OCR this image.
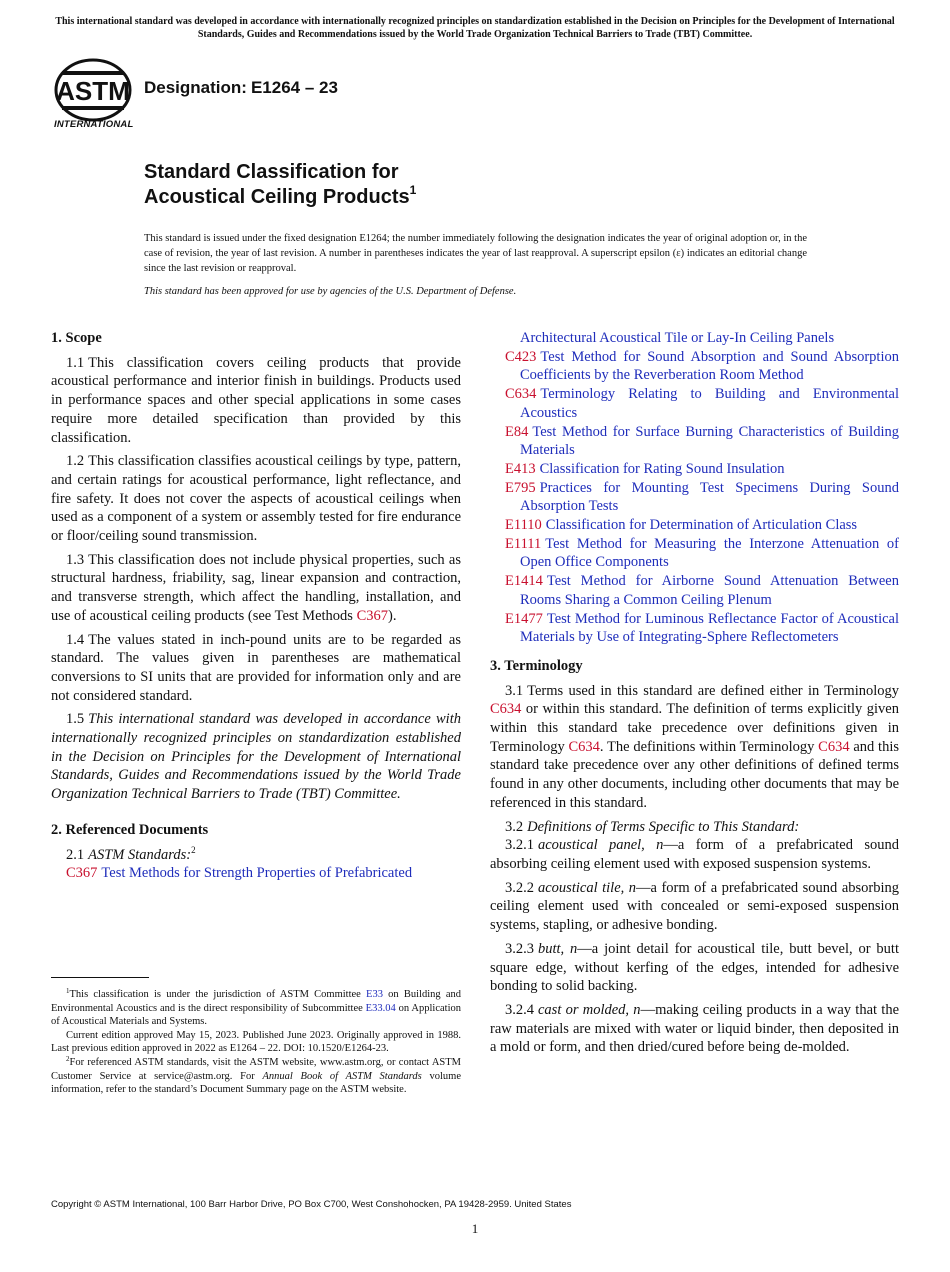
This international standard was developed in accordance with internationally recognized principles on standardization established in the Decision on Principles for the Development of International Standards, Guides and Recommendations issued by the World Trade Organization Technical Barriers to Trade (TBT) Committee.
ASTM
INTERNATIONAL
Designation: E1264 – 23
Standard Classification for
Acoustical Ceiling Products$^1$
This standard is issued under the fixed designation E1264; the number immediately following the designation indicates the year of original adoption or, in the case of revision, the year of last revision. A number in parentheses indicates the year of last reapproval. A superscript epsilon (ε) indicates an editorial change since the last revision or reapproval.
This standard has been approved for use by agencies of the U.S. Department of Defense.
1. Scope

1.1 This classification covers ceiling products that provide acoustical performance and interior finish in buildings. Products used in performance spaces and other special applications in some cases require more detailed specification than provided by this classification.

1.2 This classification classifies acoustical ceilings by type, pattern, and certain ratings for acoustical performance, light reflectance, and fire safety. It does not cover the aspects of acoustical ceilings when used as a component of a system or assembly tested for fire endurance or floor/ceiling sound transmission.

1.3 This classification does not include physical properties, such as structural hardness, friability, sag, linear expansion and contraction, and transverse strength, which affect the handling, installation, and use of acoustical ceiling products (see Test Methods C367).

1.4 The values stated in inch-pound units are to be regarded as standard. The values given in parentheses are mathematical conversions to SI units that are provided for information only and are not considered standard.

1.5 This international standard was developed in accordance with internationally recognized principles on standardization established in the Decision on Principles for the Development of International Standards, Guides and Recommendations issued by the World Trade Organization Technical Barriers to Trade (TBT) Committee.

2. Referenced Documents

2.1 ASTM Standards:$^2$

C367 Test Methods for Strength Properties of Prefabricated

$^1$This classification is under the jurisdiction of ASTM Committee E33 on Building and Environmental Acoustics and is the direct responsibility of Subcommittee E33.04 on Application of Acoustical Materials and Systems.

Current edition approved May 15, 2023. Published June 2023. Originally approved in 1988. Last previous edition approved in 2022 as E1264 – 22. DOI: 10.1520/E1264-23.

$^2$For referenced ASTM standards, visit the ASTM website, www.astm.org, or contact ASTM Customer Service at service@astm.org. For Annual Book of ASTM Standards volume information, refer to the standard’s Document Summary page on the ASTM website.

Architectural Acoustical Tile or Lay-In Ceiling Panels
C423 Test Method for Sound Absorption and Sound Absorption Coefficients by the Reverberation Room Method
C634 Terminology Relating to Building and Environmental Acoustics
E84 Test Method for Surface Burning Characteristics of Building Materials
E413 Classification for Rating Sound Insulation
E795 Practices for Mounting Test Specimens During Sound Absorption Tests
E1110 Classification for Determination of Articulation Class
E1111 Test Method for Measuring the Interzone Attenuation of Open Office Components
E1414 Test Method for Airborne Sound Attenuation Between Rooms Sharing a Common Ceiling Plenum
E1477 Test Method for Luminous Reflectance Factor of Acoustical Materials by Use of Integrating-Sphere Reflectometers
3. Terminology

3.1 Terms used in this standard are defined either in Terminology C634 or within this standard. The definition of terms explicitly given within this standard take precedence over definitions given in Terminology C634. The definitions within Terminology C634 and this standard take precedence over any other definitions of defined terms found in any other documents, including other documents that may be referenced in this standard.

3.2 Definitions of Terms Specific to This Standard:

3.2.1 acoustical panel, n—a form of a prefabricated sound absorbing ceiling element used with exposed suspension systems.

3.2.2 acoustical tile, n—a form of a prefabricated sound absorbing ceiling element used with concealed or semi-exposed suspension systems, stapling, or adhesive bonding.

3.2.3 butt, n—a joint detail for acoustical tile, butt bevel, or butt square edge, without kerfing of the edges, intended for adhesive bonding to solid backing.

3.2.4 cast or molded, n—making ceiling products in a way that the raw materials are mixed with water or liquid binder, then deposited in a mold or form, and then dried/cured before being de-molded.

Copyright © ASTM International, 100 Barr Harbor Drive, PO Box C700, West Conshohocken, PA 19428-2959. United States
1
